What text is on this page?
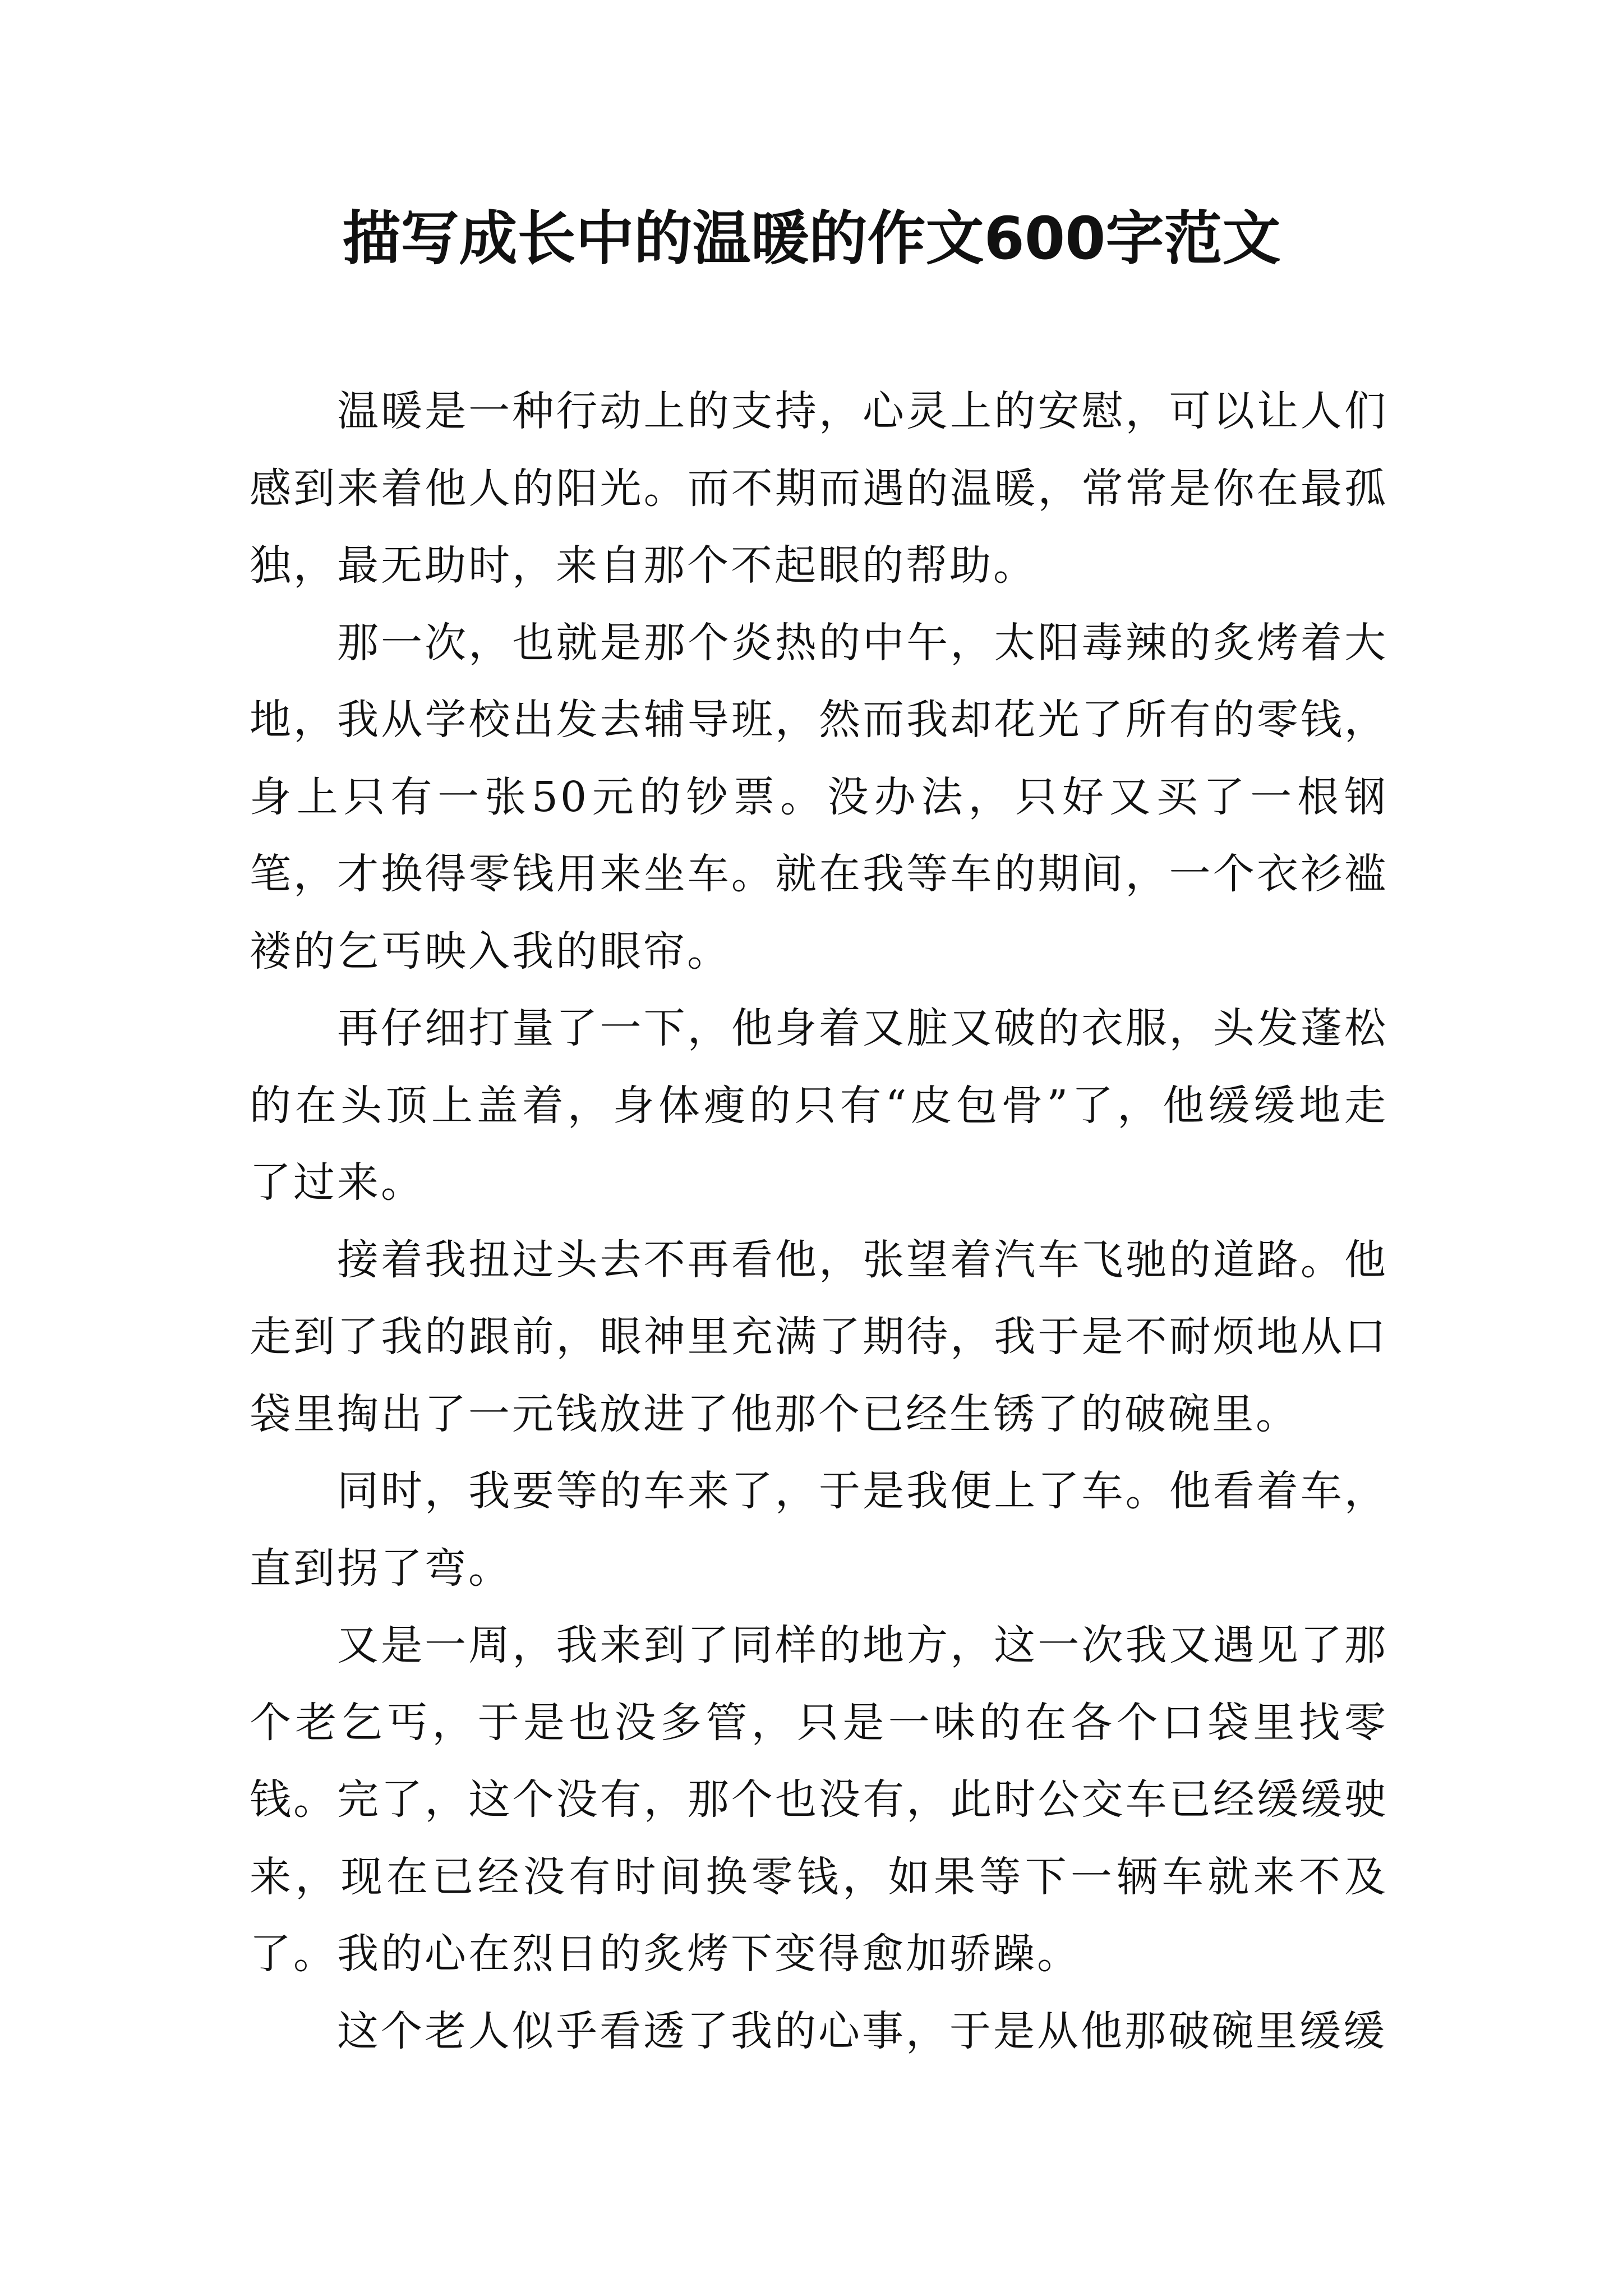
描写成长中的温暖的作文600字范文

温暖是一种行动上的支持，心灵上的安慰，可以让人们感到来着他人的阳光。而不期而遇的温暖，常常是你在最孤独，最无助时，来自那个不起眼的帮助。

那一次，也就是那个炎热的中午，太阳毒辣的炙烤着大地，我从学校出发去辅导班，然而我却花光了所有的零钱，身上只有一张50元的钞票。没办法，只好又买了一根钢笔，才换得零钱用来坐车。就在我等车的期间，一个衣衫褴褛的乞丐映入我的眼帘。

再仔细打量了一下，他身着又脏又破的衣服，头发蓬松的在头顶上盖着，身体瘦的只有“皮包骨”了，他缓缓地走了过来。

接着我扭过头去不再看他，张望着汽车飞驰的道路。他走到了我的跟前，眼神里充满了期待，我于是不耐烦地从口袋里掏出了一元钱放进了他那个已经生锈了的破碗里。

同时，我要等的车来了，于是我便上了车。他看着车，直到拐了弯。

又是一周，我来到了同样的地方，这一次我又遇见了那个老乞丐，于是也没多管，只是一味的在各个口袋里找零钱。完了，这个没有，那个也没有，此时公交车已经缓缓驶来，现在已经没有时间换零钱，如果等下一辆车就来不及了。我的心在烈日的炙烤下变得愈加骄躁。

这个老人似乎看透了我的心事，于是从他那破碗里缓缓
